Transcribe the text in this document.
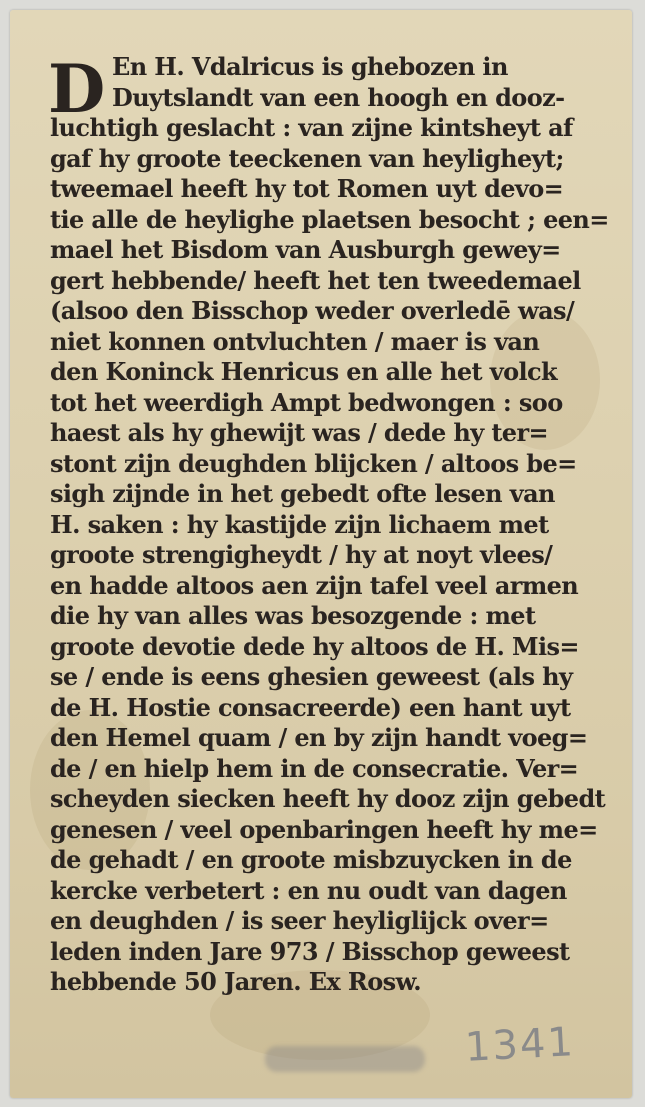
D En H. Vdalricus is ghebozen in
Duytslandt van een hoogh en dooz-
luchtigh geslacht : van zijne kintsheyt af
gaf hy groote teeckenen van heyligheyt;
tweemael heeft hy tot Romen uyt devo=
tie alle de heylighe plaetsen besocht ; een=
mael het Bisdom van Ausburgh gewey=
gert hebbende/ heeft het ten tweedemael
(alsoo den Bisschop weder overledē was/
niet konnen ontvluchten / maer is van
den Koninck Henricus en alle het volck
tot het weerdigh Ampt bedwongen : soo
haest als hy ghewijt was / dede hy ter=
stont zijn deughden blijcken / altoos be=
sigh zijnde in het gebedt ofte lesen van
H. saken : hy kastijde zijn lichaem met
groote strengigheydt / hy at noyt vlees/
en hadde altoos aen zijn tafel veel armen
die hy van alles was besozgende : met
groote devotie dede hy altoos de H. Mis=
se / ende is eens ghesien geweest (als hy
de H. Hostie consacreerde) een hant uyt
den Hemel quam / en by zijn handt voeg=
de / en hielp hem in de consecratie. Ver=
scheyden siecken heeft hy dooz zijn gebedt
genesen / veel openbaringen heeft hy me=
de gehadt / en groote misbzuycken in de
kercke verbetert : en nu oudt van dagen
en deughden / is seer heyliglijck over=
leden inden Jare 973 / Bisschop geweest
hebbende 50 Jaren. Ex Rosw.
1341
